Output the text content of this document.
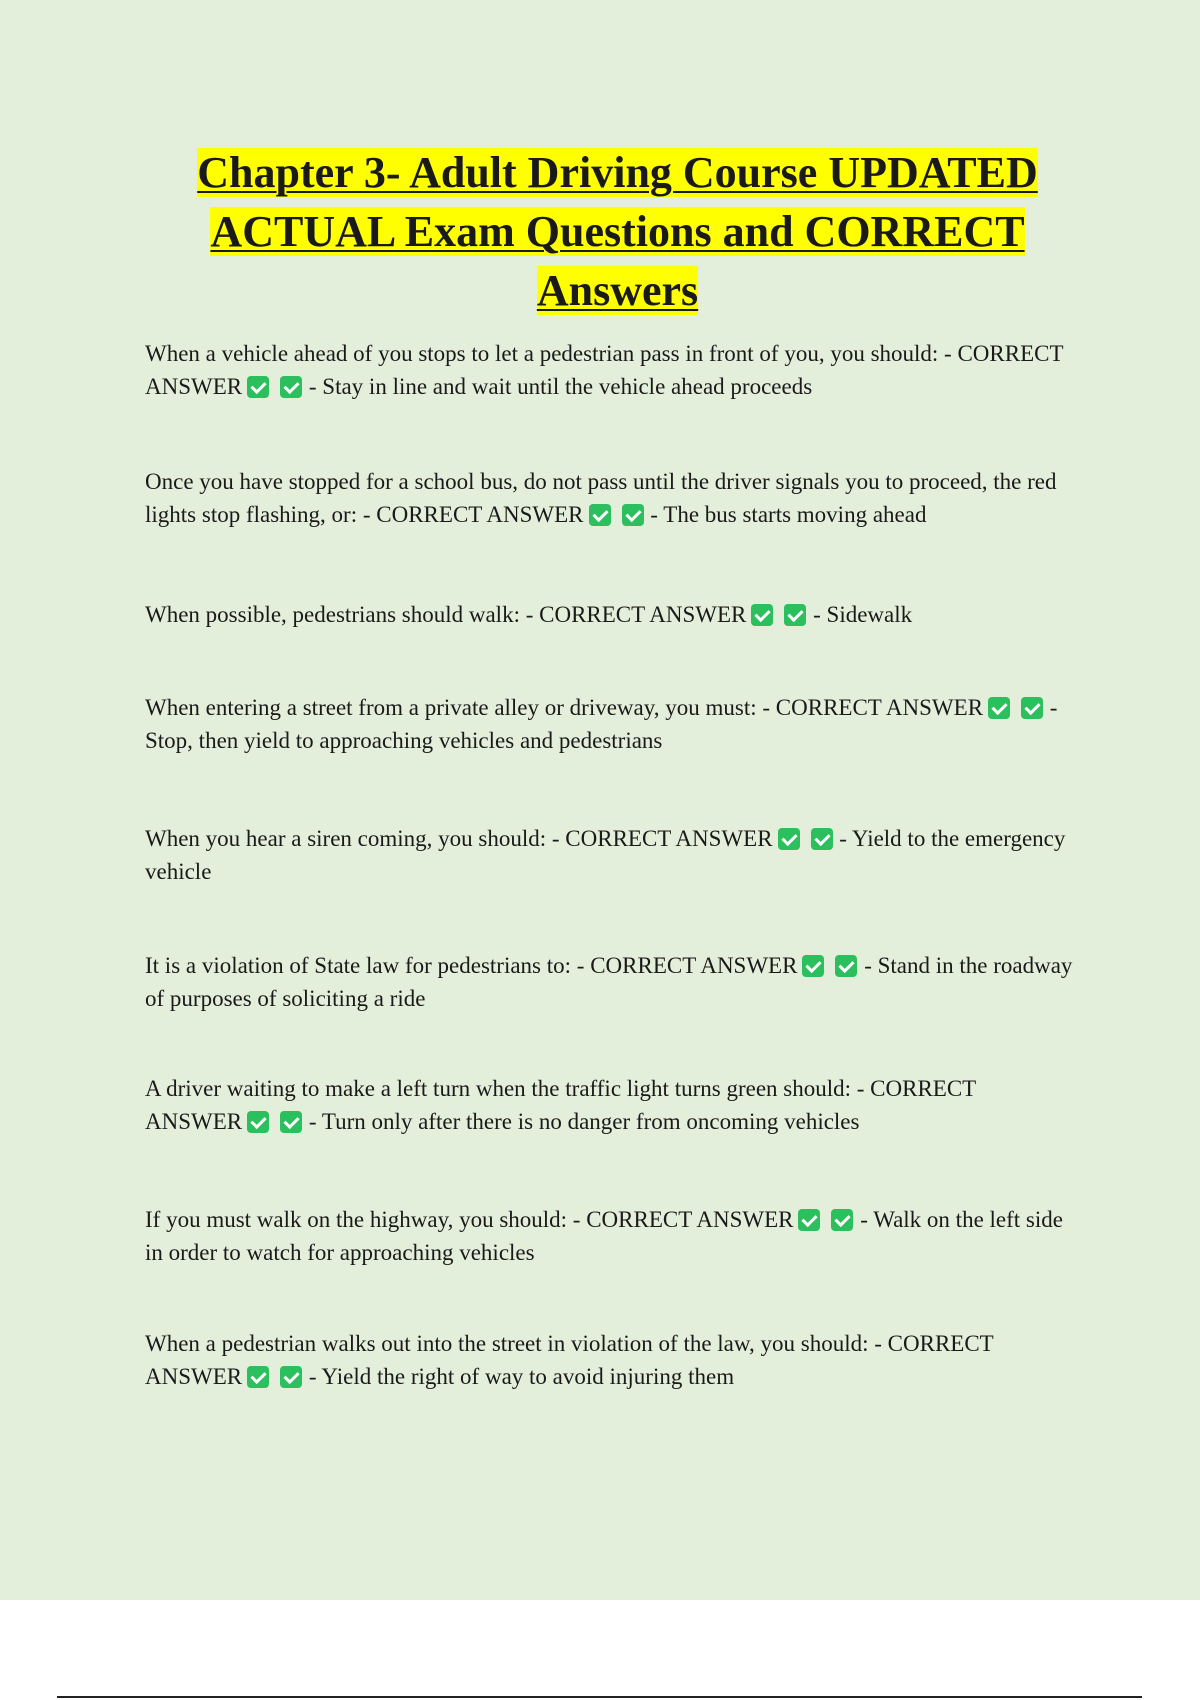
Chapter 3- Adult Driving Course UPDATED ACTUAL Exam Questions and CORRECT Answers

When a vehicle ahead of you stops to let a pedestrian pass in front of you, you should: - CORRECT ANSWER	- Stay in line and wait until the vehicle ahead proceeds

Once you have stopped for a school bus, do not pass until the driver signals you to proceed, the red lights stop flashing, or: - CORRECT ANSWER	- The bus starts moving ahead

When possible, pedestrians should walk: - CORRECT ANSWER	- Sidewalk

When entering a street from a private alley or driveway, you must: - CORRECT ANSWER	- Stop, then yield to approaching vehicles and pedestrians

When you hear a siren coming, you should: - CORRECT ANSWER	- Yield to the emergency vehicle

It is a violation of State law for pedestrians to: - CORRECT ANSWER	- Stand in the roadway of purposes of soliciting a ride

A driver waiting to make a left turn when the traffic light turns green should: - CORRECT ANSWER	- Turn only after there is no danger from oncoming vehicles

If you must walk on the highway, you should: - CORRECT ANSWER	- Walk on the left side in order to watch for approaching vehicles

When a pedestrian walks out into the street in violation of the law, you should: - CORRECT ANSWER	- Yield the right of way to avoid injuring them
